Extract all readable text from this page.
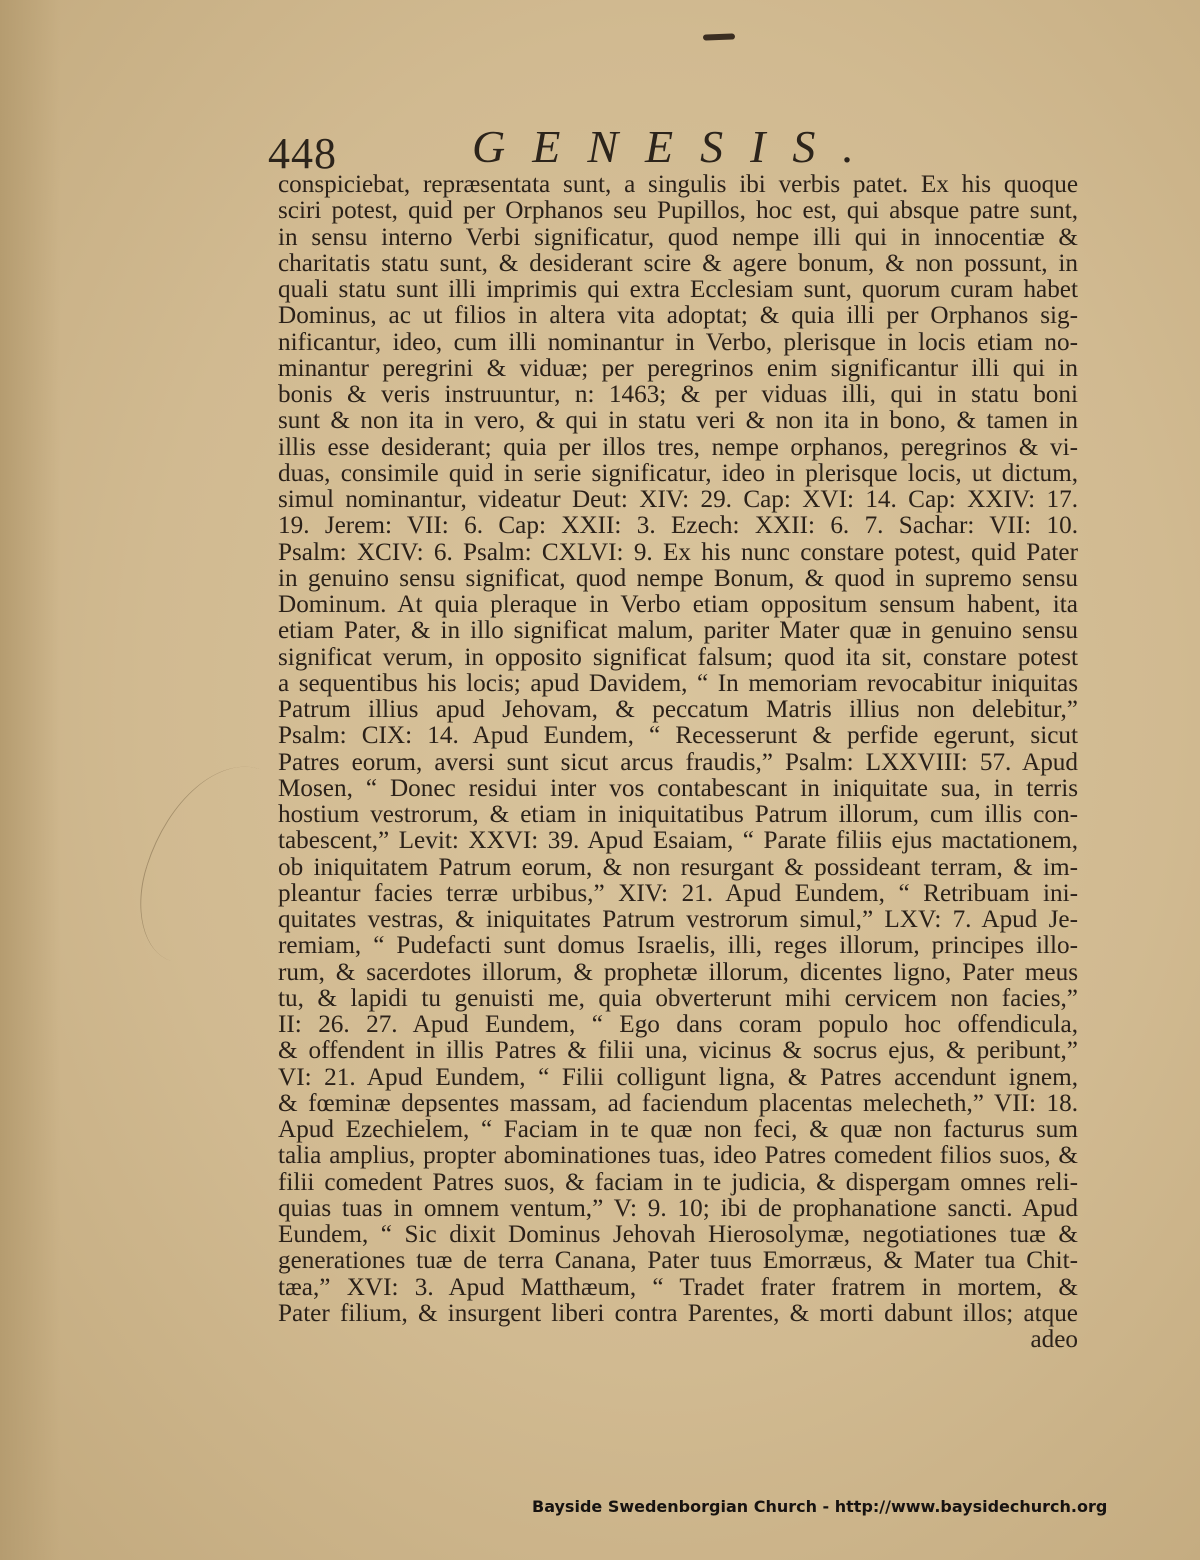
448	GENESIS.
conspiciebat, repræsentata sunt, a singulis ibi verbis patet. Ex his quoque
sciri potest, quid per Orphanos seu Pupillos, hoc est, qui absque patre sunt,
in sensu interno Verbi significatur, quod nempe illi qui in innocentiæ &
charitatis statu sunt, & desiderant scire & agere bonum, & non possunt, in
quali statu sunt illi imprimis qui extra Ecclesiam sunt, quorum curam habet
Dominus, ac ut filios in altera vita adoptat; & quia illi per Orphanos sig-
nificantur, ideo, cum illi nominantur in Verbo, plerisque in locis etiam no-
minantur peregrini & viduæ; per peregrinos enim significantur illi qui in
bonis & veris instruuntur, n: 1463; & per viduas illi, qui in statu boni
sunt & non ita in vero, & qui in statu veri & non ita in bono, & tamen in
illis esse desiderant; quia per illos tres, nempe orphanos, peregrinos & vi-
duas, consimile quid in serie significatur, ideo in plerisque locis, ut dictum,
simul nominantur, videatur Deut: XIV: 29. Cap: XVI: 14. Cap: XXIV: 17.
19. Jerem: VII: 6. Cap: XXII: 3. Ezech: XXII: 6. 7. Sachar: VII: 10.
Psalm: XCIV: 6. Psalm: CXLVI: 9. Ex his nunc constare potest, quid Pater
in genuino sensu significat, quod nempe Bonum, & quod in supremo sensu
Dominum. At quia pleraque in Verbo etiam oppositum sensum habent, ita
etiam Pater, & in illo significat malum, pariter Mater quæ in genuino sensu
significat verum, in opposito significat falsum; quod ita sit, constare potest
a sequentibus his locis; apud Davidem, “ In memoriam revocabitur iniquitas
Patrum illius apud Jehovam, & peccatum Matris illius non delebitur,”
Psalm: CIX: 14. Apud Eundem, “ Recesserunt & perfide egerunt, sicut
Patres eorum, aversi sunt sicut arcus fraudis,” Psalm: LXXVIII: 57. Apud
Mosen, “ Donec residui inter vos contabescant in iniquitate sua, in terris
hostium vestrorum, & etiam in iniquitatibus Patrum illorum, cum illis con-
tabescent,” Levit: XXVI: 39. Apud Esaiam, “ Parate filiis ejus mactationem,
ob iniquitatem Patrum eorum, & non resurgant & possideant terram, & im-
pleantur facies terræ urbibus,” XIV: 21. Apud Eundem, “ Retribuam ini-
quitates vestras, & iniquitates Patrum vestrorum simul,” LXV: 7. Apud Je-
remiam, “ Pudefacti sunt domus Israelis, illi, reges illorum, principes illo-
rum, & sacerdotes illorum, & prophetæ illorum, dicentes ligno, Pater meus
tu, & lapidi tu genuisti me, quia obverterunt mihi cervicem non facies,”
II: 26. 27. Apud Eundem, “ Ego dans coram populo hoc offendicula,
& offendent in illis Patres & filii una, vicinus & socrus ejus, & peribunt,”
VI: 21. Apud Eundem, “ Filii colligunt ligna, & Patres accendunt ignem,
& fœminæ depsentes massam, ad faciendum placentas melecheth,” VII: 18.
Apud Ezechielem, “ Faciam in te quæ non feci, & quæ non facturus sum
talia amplius, propter abominationes tuas, ideo Patres comedent filios suos, &
filii comedent Patres suos, & faciam in te judicia, & dispergam omnes reli-
quias tuas in omnem ventum,” V: 9. 10; ibi de prophanatione sancti. Apud
Eundem, “ Sic dixit Dominus Jehovah Hierosolymæ, negotiationes tuæ &
generationes tuæ de terra Canana, Pater tuus Emorræus, & Mater tua Chit-
tæa,” XVI: 3. Apud Matthæum, “ Tradet frater fratrem in mortem, &
Pater filium, & insurgent liberi contra Parentes, & morti dabunt illos; atque
adeo
Bayside Swedenborgian Church - http://www.baysidechurch.org
